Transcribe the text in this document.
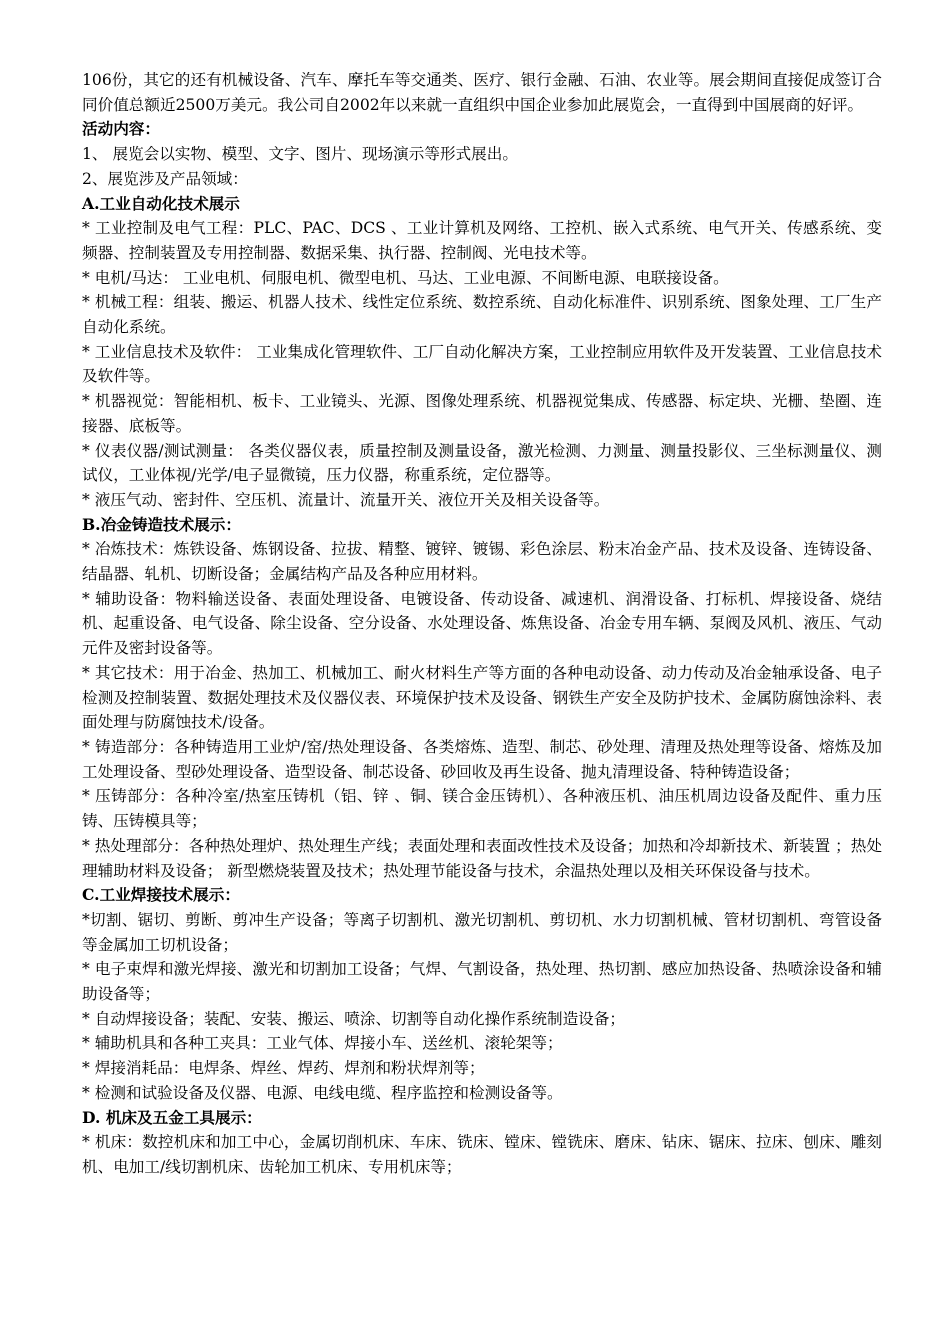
106份，其它的还有机械设备、汽车、摩托车等交通类、医疗、银行金融、石油、农业等。展会期间直接促成签订合同价值总额近2500万美元。我公司自2002年以来就一直组织中国企业参加此展览会，一直得到中国展商的好评。

活动内容：

1、 展览会以实物、模型、文字、图片、现场演示等形式展出。

2、展览涉及产品领域：

A.工业自动化技术展示

* 工业控制及电气工程：PLC、PAC、DCS 、工业计算机及网络、工控机、嵌入式系统、电气开关、传感系统、变频器、控制装置及专用控制器、数据采集、执行器、控制阀、光电技术等。

* 电机/马达： 工业电机、伺服电机、微型电机、马达、工业电源、不间断电源、电联接设备。

* 机械工程：组装、搬运、机器人技术、线性定位系统、数控系统、自动化标准件、识别系统、图象处理、工厂生产自动化系统。

* 工业信息技术及软件： 工业集成化管理软件、工厂自动化解决方案，工业控制应用软件及开发装置、工业信息技术及软件等。

* 机器视觉：智能相机、板卡、工业镜头、光源、图像处理系统、机器视觉集成、传感器、标定块、光栅、垫圈、连接器、底板等。

* 仪表仪器/测试测量： 各类仪器仪表，质量控制及测量设备，激光检测、力测量、测量投影仪、三坐标测量仪、测试仪，工业体视/光学/电子显微镜，压力仪器，称重系统，定位器等。

* 液压气动、密封件、空压机、流量计、流量开关、液位开关及相关设备等。

B.冶金铸造技术展示：

* 冶炼技术：炼铁设备、炼钢设备、拉拔、精整、镀锌、镀锡、彩色涂层、粉末冶金产品、技术及设备、连铸设备、结晶器、轧机、切断设备；金属结构产品及各种应用材料。

* 辅助设备：物料输送设备、表面处理设备、电镀设备、传动设备、减速机、润滑设备、打标机、焊接设备、烧结机、起重设备、电气设备、除尘设备、空分设备、水处理设备、炼焦设备、冶金专用车辆、泵阀及风机、液压、气动元件及密封设备等。

* 其它技术：用于冶金、热加工、机械加工、耐火材料生产等方面的各种电动设备、动力传动及冶金轴承设备、电子检测及控制装置、数据处理技术及仪器仪表、环境保护技术及设备、钢铁生产安全及防护技术、金属防腐蚀涂料、表面处理与防腐蚀技术/设备。

* 铸造部分：各种铸造用工业炉/窑/热处理设备、各类熔炼、造型、制芯、砂处理、清理及热处理等设备、熔炼及加工处理设备、型砂处理设备、造型设备、制芯设备、砂回收及再生设备、抛丸清理设备、特种铸造设备；

* 压铸部分：各种冷室/热室压铸机（铝、锌 、铜、镁合金压铸机）、各种液压机、油压机周边设备及配件、重力压铸、压铸模具等；

* 热处理部分：各种热处理炉、热处理生产线；表面处理和表面改性技术及设备；加热和冷却新技术、新装置 ；热处理辅助材料及设备； 新型燃烧装置及技术；热处理节能设备与技术，余温热处理以及相关环保设备与技术。

C.工业焊接技术展示：

*切割、锯切、剪断、剪冲生产设备；等离子切割机、激光切割机、剪切机、水力切割机械、管材切割机、弯管设备等金属加工切机设备；

* 电子束焊和激光焊接、激光和切割加工设备；气焊、气割设备，热处理、热切割、感应加热设备、热喷涂设备和辅助设备等；

* 自动焊接设备；装配、安装、搬运、喷涂、切割等自动化操作系统制造设备；

* 辅助机具和各种工夹具：工业气体、焊接小车、送丝机、滚轮架等；

* 焊接消耗品：电焊条、焊丝、焊药、焊剂和粉状焊剂等；

* 检测和试验设备及仪器、电源、电线电缆、程序监控和检测设备等。

D. 机床及五金工具展示：

* 机床：数控机床和加工中心，金属切削机床、车床、铣床、镗床、镗铣床、磨床、钻床、锯床、拉床、刨床、雕刻机、电加工/线切割机床、齿轮加工机床、专用机床等；
